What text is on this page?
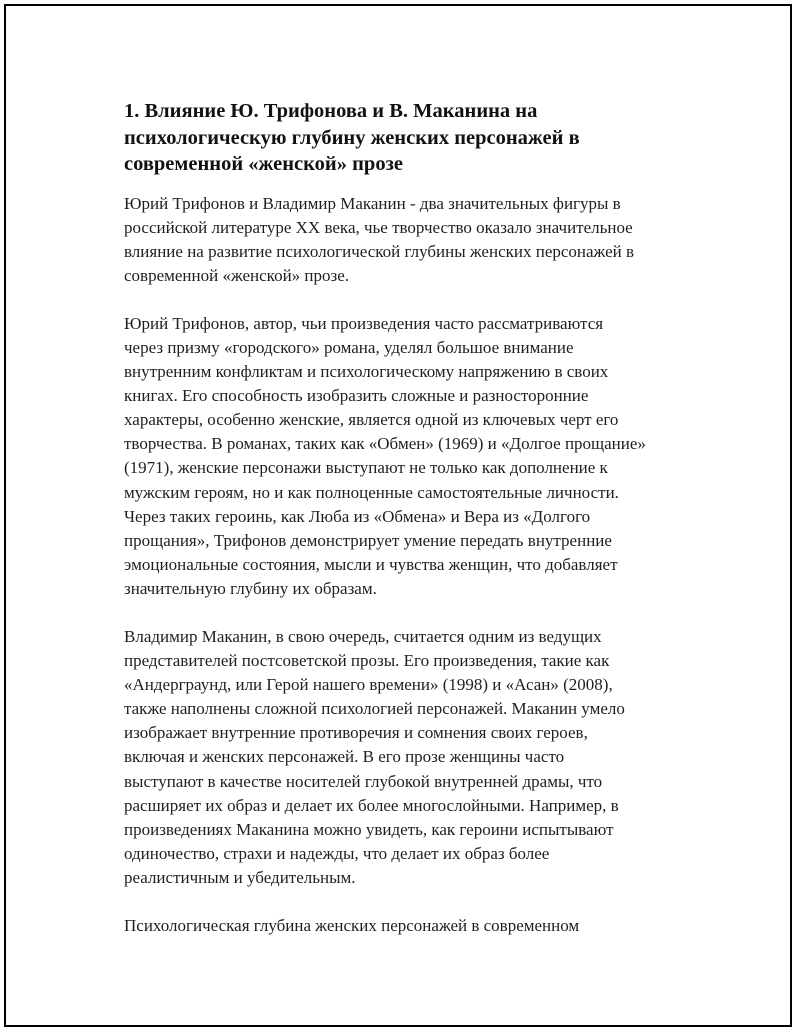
1. Влияние Ю. Трифонова и В. Маканина на
психологическую глубину женских персонажей в
современной «женской» прозе

Юрий Трифонов и Владимир Маканин - два значительных фигуры в
российской литературе XX века, чье творчество оказало значительное
влияние на развитие психологической глубины женских персонажей в
современной «женской» прозе.

Юрий Трифонов, автор, чьи произведения часто рассматриваются
через призму «городского» романа, уделял большое внимание
внутренним конфликтам и психологическому напряжению в своих
книгах. Его способность изобразить сложные и разносторонние
характеры, особенно женские, является одной из ключевых черт его
творчества. В романах, таких как «Обмен» (1969) и «Долгое прощание»
(1971), женские персонажи выступают не только как дополнение к
мужским героям, но и как полноценные самостоятельные личности.
Через таких героинь, как Люба из «Обмена» и Вера из «Долгого
прощания», Трифонов демонстрирует умение передать внутренние
эмоциональные состояния, мысли и чувства женщин, что добавляет
значительную глубину их образам.

Владимир Маканин, в свою очередь, считается одним из ведущих
представителей постсоветской прозы. Его произведения, такие как
«Андерграунд, или Герой нашего времени» (1998) и «Асан» (2008),
также наполнены сложной психологией персонажей. Маканин умело
изображает внутренние противоречия и сомнения своих героев,
включая и женских персонажей. В его прозе женщины часто
выступают в качестве носителей глубокой внутренней драмы, что
расширяет их образ и делает их более многослойными. Например, в
произведениях Маканина можно увидеть, как героини испытывают
одиночество, страхи и надежды, что делает их образ более
реалистичным и убедительным.

Психологическая глубина женских персонажей в современном
